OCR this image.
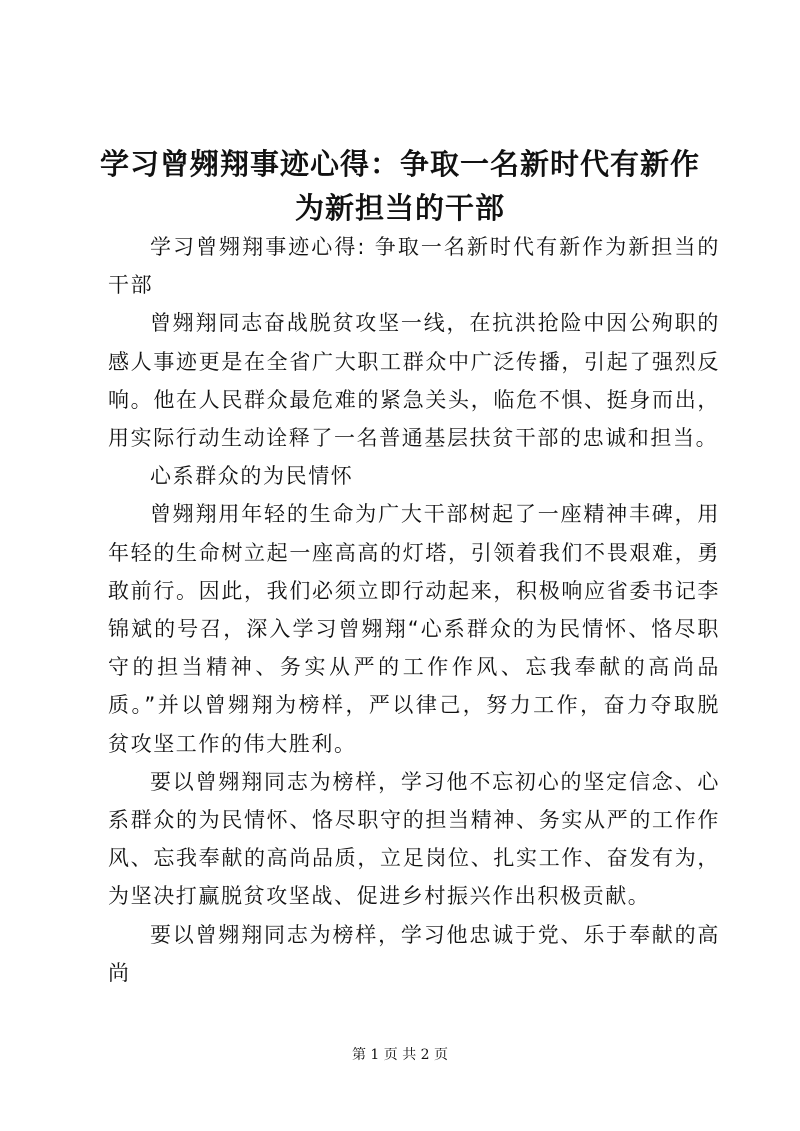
学习曾翙翔事迹心得：争取一名新时代有新作
为新担当的干部

学习曾翙翔事迹心得: 争取一名新时代有新作为新担当的干部

曾翙翔同志奋战脱贫攻坚一线，在抗洪抢险中因公殉职的感人事迹更是在全省广大职工群众中广泛传播，引起了强烈反响。他在人民群众最危难的紧急关头，临危不惧、挺身而出，用实际行动生动诠释了一名普通基层扶贫干部的忠诚和担当。

心系群众的为民情怀

曾翙翔用年轻的生命为广大干部树起了一座精神丰碑，用年轻的生命树立起一座高高的灯塔，引领着我们不畏艰难，勇敢前行。因此，我们必须立即行动起来，积极响应省委书记李锦斌的号召，深入学习曾翙翔“心系群众的为民情怀、恪尽职守的担当精神、务实从严的工作作风、忘我奉献的高尚品质。”并以曾翙翔为榜样，严以律己，努力工作，奋力夺取脱贫攻坚工作的伟大胜利。

要以曾翙翔同志为榜样，学习他不忘初心的坚定信念、心系群众的为民情怀、恪尽职守的担当精神、务实从严的工作作风、忘我奉献的高尚品质，立足岗位、扎实工作、奋发有为，为坚决打赢脱贫攻坚战、促进乡村振兴作出积极贡献。

要以曾翙翔同志为榜样，学习他忠诚于党、乐于奉献的高尚

第 1 页 共 2 页
